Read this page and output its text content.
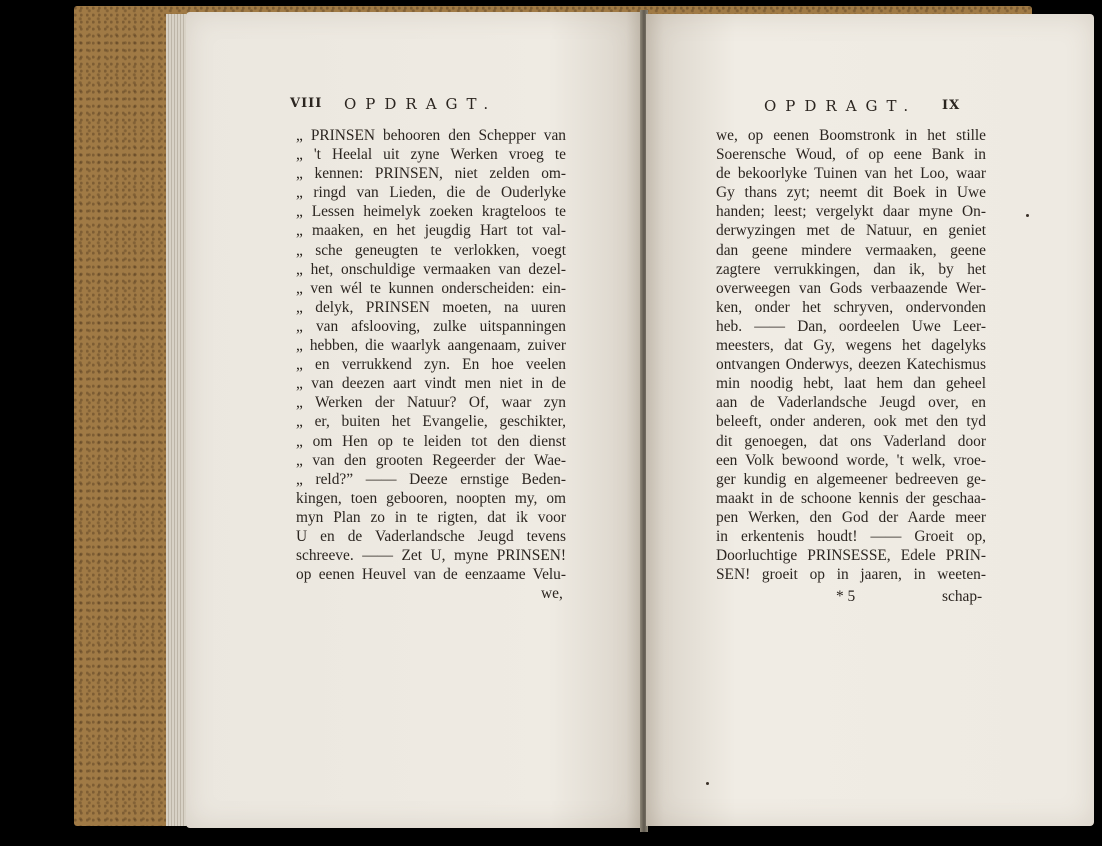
VIII OPDRAGT.
„ PRINSEN behooren den Schepper van
„ 't Heelal uit zyne Werken vroeg te
„ kennen: PRINSEN, niet zelden om-
„ ringd van Lieden, die de Ouderlyke
„ Lessen heimelyk zoeken kragteloos te
„ maaken, en het jeugdig Hart tot val-
„ sche geneugten te verlokken, voegt
„ het, onschuldige vermaaken van dezel-
„ ven wél te kunnen onderscheiden: ein-
„ delyk, PRINSEN moeten, na uuren
„ van afslooving, zulke uitspanningen
„ hebben, die waarlyk aangenaam, zuiver
„ en verrukkend zyn. En hoe veelen
„ van deezen aart vindt men niet in de
„ Werken der Natuur? Of, waar zyn
„ er, buiten het Evangelie, geschikter,
„ om Hen op te leiden tot den dienst
„ van den grooten Regeerder der Wae-
„ reld?” —— Deeze ernstige Beden-
kingen, toen gebooren, noopten my, om
myn Plan zo in te rigten, dat ik voor
U en de Vaderlandsche Jeugd tevens
schreeve. —— Zet U, myne PRINSEN!
op eenen Heuvel van de eenzaame Velu-
we,
OPDRAGT. IX
we, op eenen Boomstronk in het stille
Soerensche Woud, of op eene Bank in
de bekoorlyke Tuinen van het Loo, waar
Gy thans zyt; neemt dit Boek in Uwe
handen; leest; vergelykt daar myne On-
derwyzingen met de Natuur, en geniet
dan geene mindere vermaaken, geene
zagtere verrukkingen, dan ik, by het
overweegen van Gods verbaazende Wer-
ken, onder het schryven, ondervonden
heb. —— Dan, oordeelen Uwe Leer-
meesters, dat Gy, wegens het dagelyks
ontvangen Onderwys, deezen Katechismus
min noodig hebt, laat hem dan geheel
aan de Vaderlandsche Jeugd over, en
beleeft, onder anderen, ook met den tyd
dit genoegen, dat ons Vaderland door
een Volk bewoond worde, 't welk, vroe-
ger kundig en algemeener bedreeven ge-
maakt in de schoone kennis der geschaa-
pen Werken, den God der Aarde meer
in erkentenis houdt! —— Groeit op,
Doorluchtige PRINSESSE, Edele PRIN-
SEN! groeit op in jaaren, in weeten-
* 5	schap-
